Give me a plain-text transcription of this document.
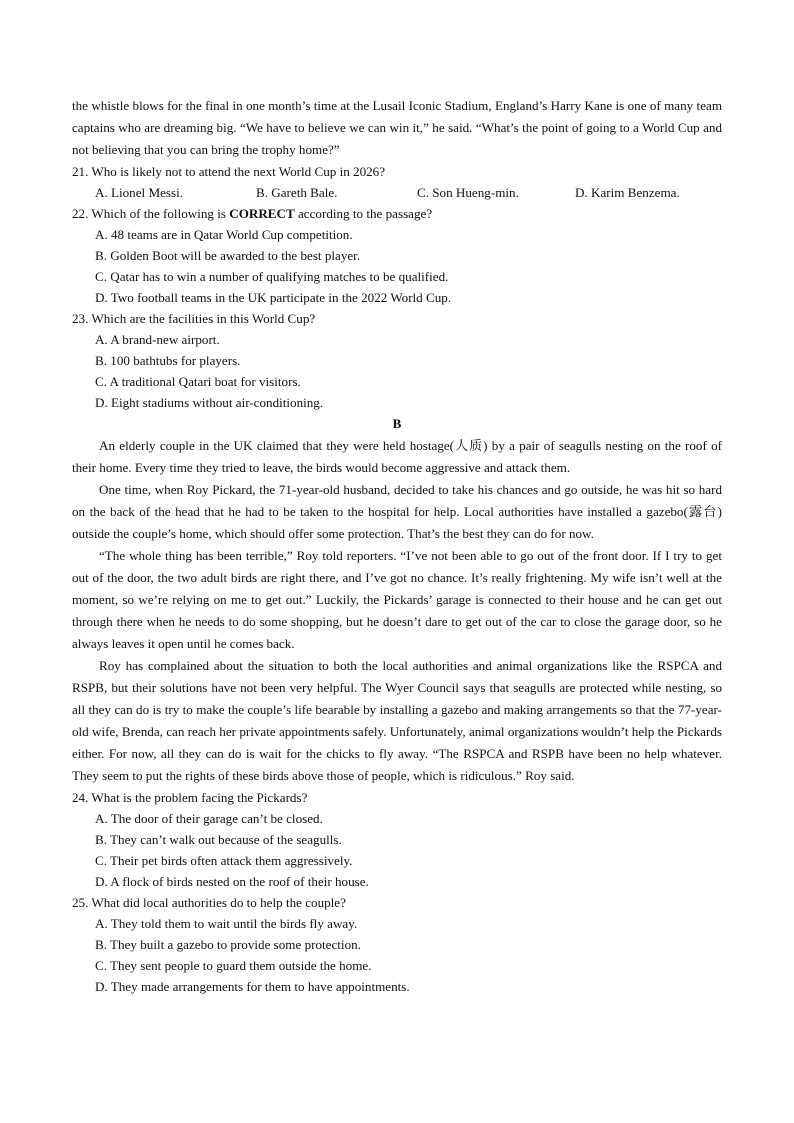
the whistle blows for the final in one month’s time at the Lusail Iconic Stadium, England’s Harry Kane is one of many team captains who are dreaming big. “We have to believe we can win it,” he said. “What’s the point of going to a World Cup and not believing that you can bring the trophy home?”

21. Who is likely not to attend the next World Cup in 2026?

A. Lionel Messi.	B. Gareth Bale.	C. Son Hueng-min.	D. Karim Benzema.

22. Which of the following is CORRECT according to the passage?

A. 48 teams are in Qatar World Cup competition.

B. Golden Boot will be awarded to the best player.

C. Qatar has to win a number of qualifying matches to be qualified.

D. Two football teams in the UK participate in the 2022 World Cup.

23. Which are the facilities in this World Cup?

A. A brand-new airport.

B. 100 bathtubs for players.

C. A traditional Qatari boat for visitors.

D. Eight stadiums without air-conditioning.

B

An elderly couple in the UK claimed that they were held hostage(人质) by a pair of seagulls nesting on the roof of their home. Every time they tried to leave, the birds would become aggressive and attack them.

One time, when Roy Pickard, the 71-year-old husband, decided to take his chances and go outside, he was hit so hard on the back of the head that he had to be taken to the hospital for help. Local authorities have installed a gazebo(露台) outside the couple’s home, which should offer some protection. That’s the best they can do for now.

“The whole thing has been terrible,” Roy told reporters. “I’ve not been able to go out of the front door. If I try to get out of the door, the two adult birds are right there, and I’ve got no chance. It’s really frightening. My wife isn’t well at the moment, so we’re relying on me to get out.” Luckily, the Pickards’ garage is connected to their house and he can get out through there when he needs to do some shopping, but he doesn’t dare to get out of the car to close the garage door, so he always leaves it open until he comes back.

Roy has complained about the situation to both the local authorities and animal organizations like the RSPCA and RSPB, but their solutions have not been very helpful. The Wyer Council says that seagulls are protected while nesting, so all they can do is try to make the couple’s life bearable by installing a gazebo and making arrangements so that the 77-year-old wife, Brenda, can reach her private appointments safely. Unfortunately, animal organizations wouldn’t help the Pickards either. For now, all they can do is wait for the chicks to fly away. “The RSPCA and RSPB have been no help whatever. They seem to put the rights of these birds above those of people, which is ridiculous.” Roy said.

24. What is the problem facing the Pickards?

A. The door of their garage can’t be closed.

B. They can’t walk out because of the seagulls.

C. Their pet birds often attack them aggressively.

D. A flock of birds nested on the roof of their house.

25. What did local authorities do to help the couple?

A. They told them to wait until the birds fly away.

B. They built a gazebo to provide some protection.

C. They sent people to guard them outside the home.

D. They made arrangements for them to have appointments.
